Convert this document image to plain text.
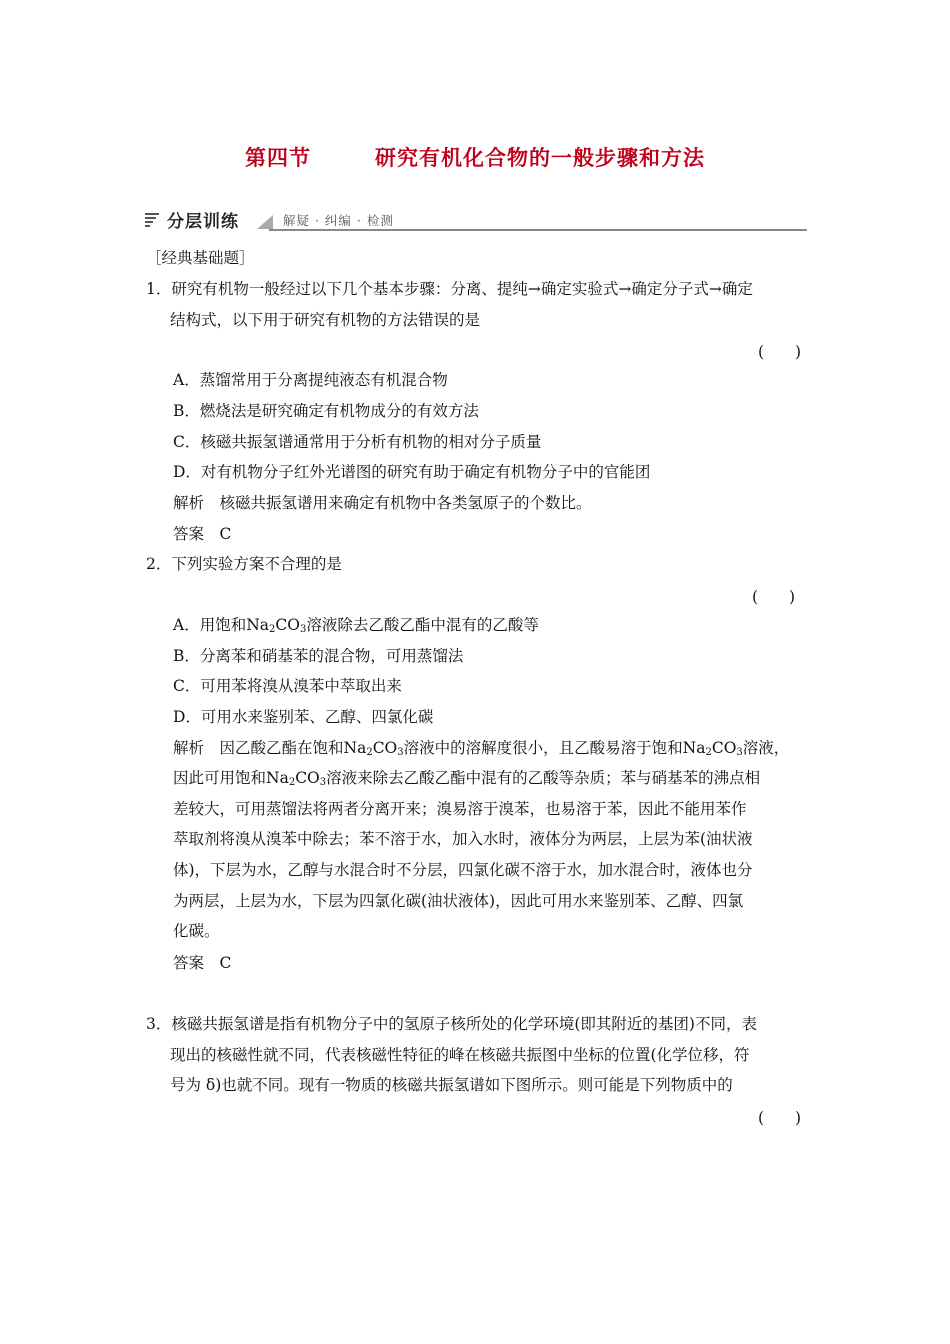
第四节	研究有机化合物的一般步骤和方法
分层训练	解疑 · 纠编 · 检测
［经典基础题］
1．研究有机物一般经过以下几个基本步骤：分离、提纯→确定实验式→确定分子式→确定
结构式，以下用于研究有机物的方法错误的是
(　　)
A．蒸馏常用于分离提纯液态有机混合物
B．燃烧法是研究确定有机物成分的有效方法
C．核磁共振氢谱通常用于分析有机物的相对分子质量
D．对有机物分子红外光谱图的研究有助于确定有机物分子中的官能团
解析　核磁共振氢谱用来确定有机物中各类氢原子的个数比。
答案　C
2．下列实验方案不合理的是
(　　)
A．用饱和$Na_2CO_3$溶液除去乙酸乙酯中混有的乙酸等
B．分离苯和硝基苯的混合物，可用蒸馏法
C．可用苯将溴从溴苯中萃取出来
D．可用水来鉴别苯、乙醇、四氯化碳
解析　因乙酸乙酯在饱和$Na_2CO_3$溶液中的溶解度很小，且乙酸易溶于饱和$Na_2CO_3$溶液，
因此可用饱和$Na_2CO_3$溶液来除去乙酸乙酯中混有的乙酸等杂质；苯与硝基苯的沸点相
差较大，可用蒸馏法将两者分离开来；溴易溶于溴苯，也易溶于苯，因此不能用苯作
萃取剂将溴从溴苯中除去；苯不溶于水，加入水时，液体分为两层，上层为苯(油状液
体)，下层为水，乙醇与水混合时不分层，四氯化碳不溶于水，加水混合时，液体也分
为两层，上层为水，下层为四氯化碳(油状液体)，因此可用水来鉴别苯、乙醇、四氯
化碳。
答案　C
3．核磁共振氢谱是指有机物分子中的氢原子核所处的化学环境(即其附近的基团)不同，表
现出的核磁性就不同，代表核磁性特征的峰在核磁共振图中坐标的位置(化学位移，符
号为 δ)也就不同。现有一物质的核磁共振氢谱如下图所示。则可能是下列物质中的
(　　)
